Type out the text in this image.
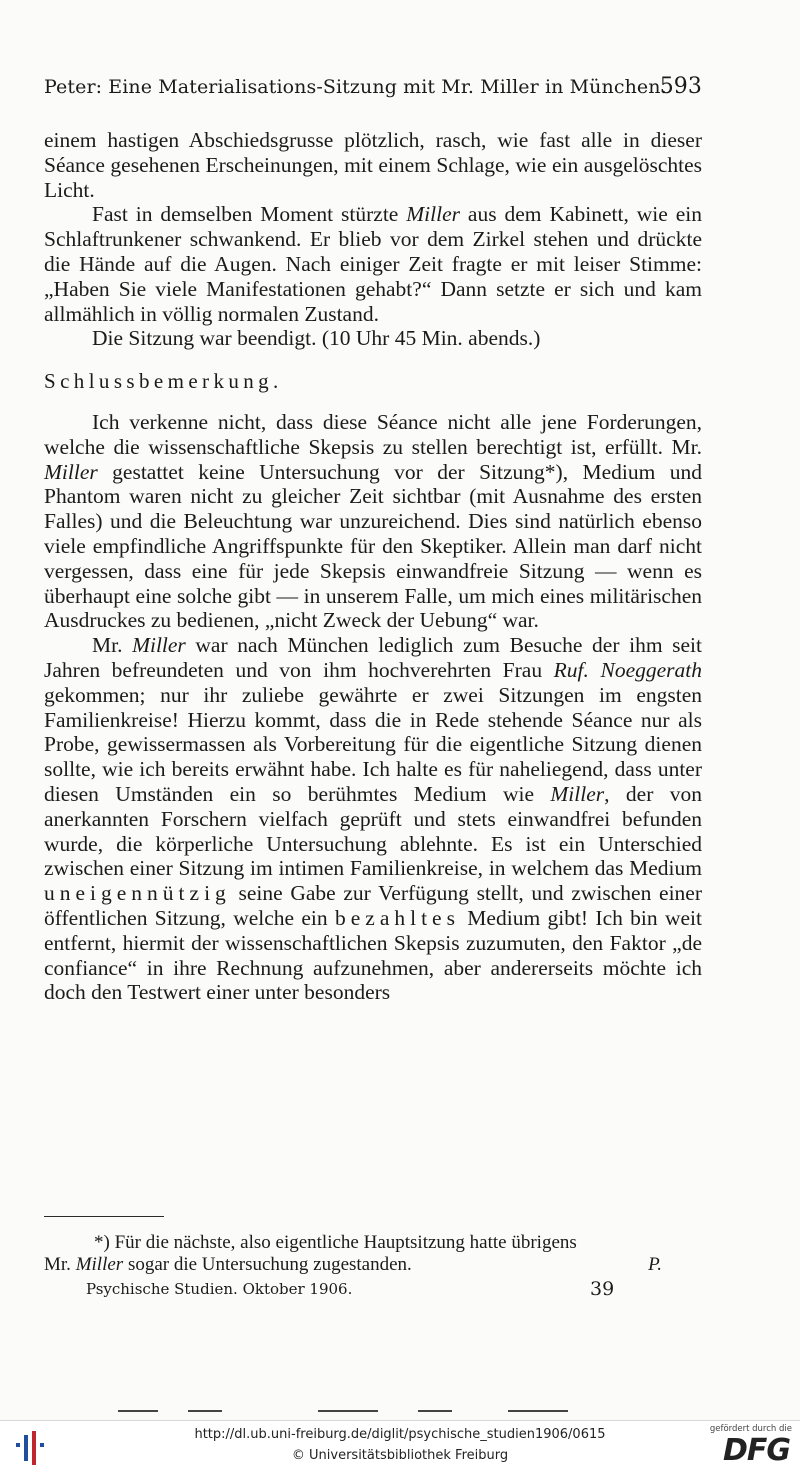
Peter: Eine Materialisations-Sitzung mit Mr. Miller in München.
593

einem hastigen Abschiedsgrusse plötzlich, rasch, wie fast alle in dieser Séance gesehenen Erscheinungen, mit einem Schlage, wie ein ausgelöschtes Licht.

Fast in demselben Moment stürzte Miller aus dem Kabinett, wie ein Schlaftrunkener schwankend. Er blieb vor dem Zirkel stehen und drückte die Hände auf die Augen. Nach einiger Zeit fragte er mit leiser Stimme: „Haben Sie viele Manifestationen gehabt?“ Dann setzte er sich und kam allmählich in völlig normalen Zustand.

Die Sitzung war beendigt. (10 Uhr 45 Min. abends.)

Schlussbemerkung.

Ich verkenne nicht, dass diese Séance nicht alle jene Forderungen, welche die wissenschaftliche Skepsis zu stellen berechtigt ist, erfüllt. Mr. Miller gestattet keine Untersuchung vor der Sitzung*), Medium und Phantom waren nicht zu gleicher Zeit sichtbar (mit Ausnahme des ersten Falles) und die Beleuchtung war unzureichend. Dies sind natürlich ebenso viele empfindliche Angriffspunkte für den Skeptiker. Allein man darf nicht vergessen, dass eine für jede Skepsis einwandfreie Sitzung — wenn es überhaupt eine solche gibt — in unserem Falle, um mich eines militärischen Ausdruckes zu bedienen, „nicht Zweck der Uebung“ war.

Mr. Miller war nach München lediglich zum Besuche der ihm seit Jahren befreundeten und von ihm hochverehrten Frau Ruf. Noeggerath gekommen; nur ihr zuliebe gewährte er zwei Sitzungen im engsten Familienkreise! Hierzu kommt, dass die in Rede stehende Séance nur als Probe, gewissermassen als Vorbereitung für die eigentliche Sitzung dienen sollte, wie ich bereits erwähnt habe. Ich halte es für naheliegend, dass unter diesen Umständen ein so berühmtes Medium wie Miller, der von anerkannten Forschern vielfach geprüft und stets einwandfrei befunden wurde, die körperliche Untersuchung ablehnte. Es ist ein Unterschied zwischen einer Sitzung im intimen Familienkreise, in welchem das Medium uneigennützig seine Gabe zur Verfügung stellt, und zwischen einer öffentlichen Sitzung, welche ein bezahltes Medium gibt! Ich bin weit entfernt, hiermit der wissenschaftlichen Skepsis zuzumuten, den Faktor „de confiance“ in ihre Rechnung aufzunehmen, aber andererseits möchte ich doch den Testwert einer unter besonders

*) Für die nächste, also eigentliche Hauptsitzung hatte übrigens

Mr. Miller sogar die Untersuchung zugestanden.	P.
Psychische Studien. Oktober 1906.	39
http://dl.ub.uni-freiburg.de/diglit/psychische_studien1906/0615
© Universitätsbibliothek Freiburg
gefördert durch die
DFG
